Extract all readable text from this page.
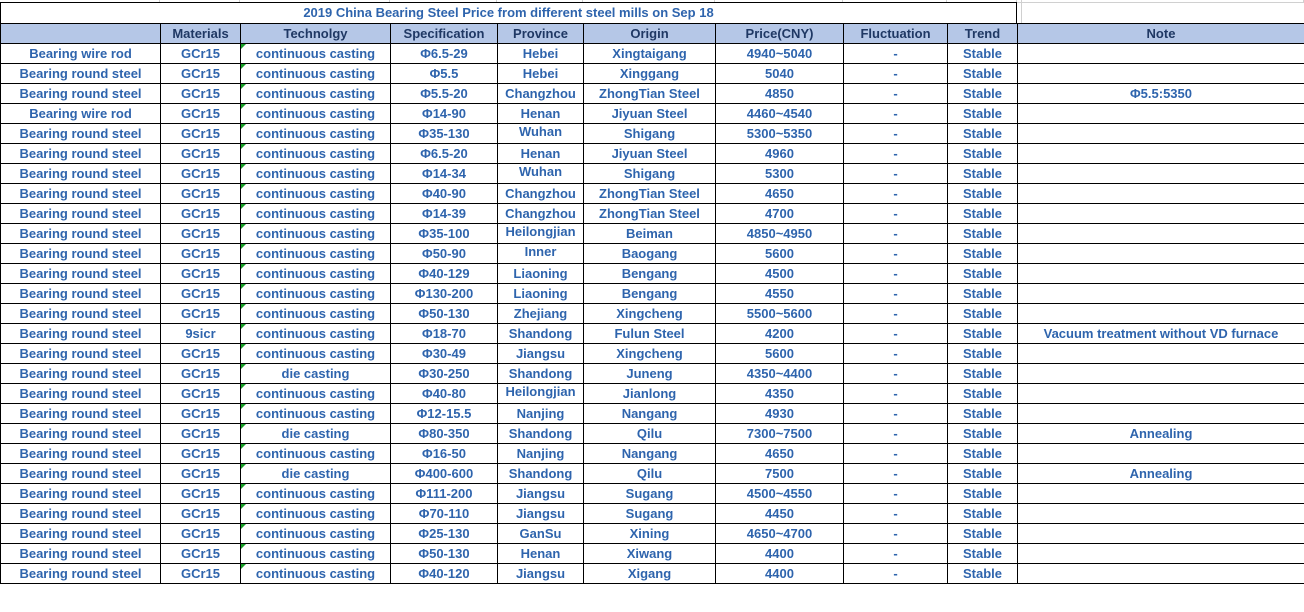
2019 China Bearing Steel Price from different steel mills on Sep 18
	Materials	Technolgy	Specification	Province	Origin	Price(CNY)	Fluctuation	Trend	Note
Bearing wire rod	GCr15	continuous casting	Φ6.5-29	Hebei	Xingtaigang	4940~5040	-	Stable	
Bearing round steel	GCr15	continuous casting	Φ5.5	Hebei	Xinggang	5040	-	Stable	
Bearing round steel	GCr15	continuous casting	Φ5.5-20	Changzhou	ZhongTian Steel	4850	-	Stable	Φ5.5:5350
Bearing wire rod	GCr15	continuous casting	Φ14-90	Henan	Jiyuan Steel	4460~4540	-	Stable	
Bearing round steel	GCr15	continuous casting	Φ35-130	Wuhan	Shigang	5300~5350	-	Stable	
Bearing round steel	GCr15	continuous casting	Φ6.5-20	Henan	Jiyuan Steel	4960	-	Stable	
Bearing round steel	GCr15	continuous casting	Φ14-34	Wuhan	Shigang	5300	-	Stable	
Bearing round steel	GCr15	continuous casting	Φ40-90	Changzhou	ZhongTian Steel	4650	-	Stable	
Bearing round steel	GCr15	continuous casting	Φ14-39	Changzhou	ZhongTian Steel	4700	-	Stable	
Bearing round steel	GCr15	continuous casting	Φ35-100	Heilongjian	Beiman	4850~4950	-	Stable	
Bearing round steel	GCr15	continuous casting	Φ50-90	Inner	Baogang	5600	-	Stable	
Bearing round steel	GCr15	continuous casting	Φ40-129	Liaoning	Bengang	4500	-	Stable	
Bearing round steel	GCr15	continuous casting	Φ130-200	Liaoning	Bengang	4550	-	Stable	
Bearing round steel	GCr15	continuous casting	Φ50-130	Zhejiang	Xingcheng	5500~5600	-	Stable	
Bearing round steel	9sicr	continuous casting	Φ18-70	Shandong	Fulun Steel	4200	-	Stable	Vacuum treatment without VD furnace
Bearing round steel	GCr15	continuous casting	Φ30-49	Jiangsu	Xingcheng	5600	-	Stable	
Bearing round steel	GCr15	die casting	Φ30-250	Shandong	Juneng	4350~4400	-	Stable	
Bearing round steel	GCr15	continuous casting	Φ40-80	Heilongjian	Jianlong	4350	-	Stable	
Bearing round steel	GCr15	continuous casting	Φ12-15.5	Nanjing	Nangang	4930	-	Stable	
Bearing round steel	GCr15	die casting	Φ80-350	Shandong	Qilu	7300~7500	-	Stable	Annealing
Bearing round steel	GCr15	continuous casting	Φ16-50	Nanjing	Nangang	4650	-	Stable	
Bearing round steel	GCr15	die casting	Φ400-600	Shandong	Qilu	7500	-	Stable	Annealing
Bearing round steel	GCr15	continuous casting	Φ111-200	Jiangsu	Sugang	4500~4550	-	Stable	
Bearing round steel	GCr15	continuous casting	Φ70-110	Jiangsu	Sugang	4450	-	Stable	
Bearing round steel	GCr15	continuous casting	Φ25-130	GanSu	Xining	4650~4700	-	Stable	
Bearing round steel	GCr15	continuous casting	Φ50-130	Henan	Xiwang	4400	-	Stable	
Bearing round steel	GCr15	continuous casting	Φ40-120	Jiangsu	Xigang	4400	-	Stable	
